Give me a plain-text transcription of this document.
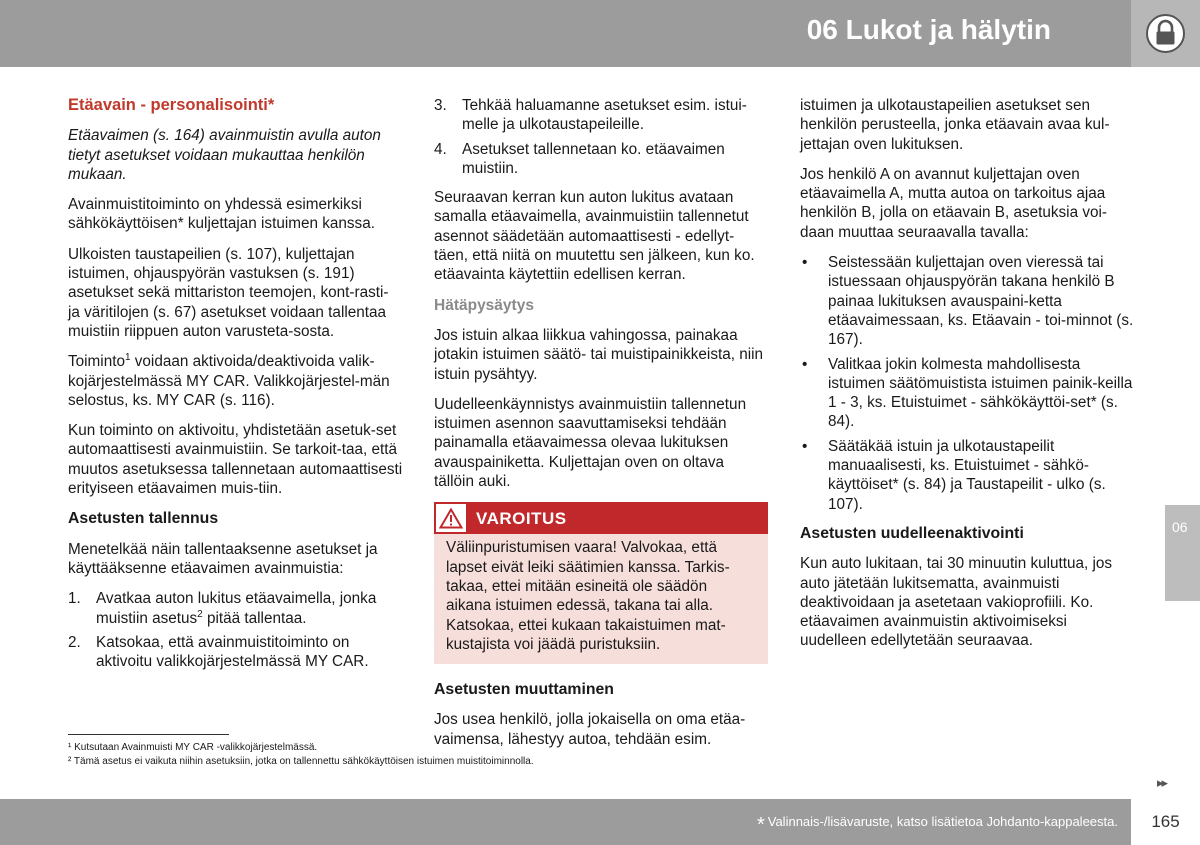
06 Lukot ja hälytin

Etäavain - personalisointi*

Etäavaimen (s. 164) avainmuistin avulla auton tietyt asetukset voidaan mukauttaa henkilön mukaan.

Avainmuistitoiminto on yhdessä esimerkiksi sähkökäyttöisen* kuljettajan istuimen kanssa.

Ulkoisten taustapeilien (s. 107), kuljettajan istuimen, ohjauspyörän vastuksen (s. 191) asetukset sekä mittariston teemojen, kont-rasti- ja väritilojen (s. 67) asetukset voidaan tallentaa muistiin riippuen auton varusteta-sosta.

Toiminto$^1$ voidaan aktivoida/deaktivoida valik-kojärjestelmässä MY CAR. Valikkojärjestel-män selostus, ks. MY CAR (s. 116).

Kun toiminto on aktivoitu, yhdistetään asetuk-set automaattisesti avainmuistiin. Se tarkoit-taa, että muutos asetuksessa tallennetaan automaattisesti erityiseen etäavaimen muis-tiin.

Asetusten tallennus

Menetelkää näin tallentaaksenne asetukset ja käyttääksenne etäavaimen avainmuistia:

1. Avatkaa auton lukitus etäavaimella, jonka muistiin asetus$^2$ pitää tallentaa.
2. Katsokaa, että avainmuistitoiminto on aktivoitu valikkojärjestelmässä MY CAR.
3. Tehkää haluamanne asetukset esim. istui-melle ja ulkotaustapeileille.
4. Asetukset tallennetaan ko. etäavaimen muistiin.

Seuraavan kerran kun auton lukitus avataan samalla etäavaimella, avainmuistiin tallennetut asennot säädetään automaattisesti - edellyt-täen, että niitä on muutettu sen jälkeen, kun ko. etäavainta käytettiin edellisen kerran.

Hätäpysäytys

Jos istuin alkaa liikkua vahingossa, painakaa jotakin istuimen säätö- tai muistipainikkeista, niin istuin pysähtyy.

Uudelleenkäynnistys avainmuistiin tallennetun istuimen asennon saavuttamiseksi tehdään painamalla etäavaimessa olevaa lukituksen avauspainiketta. Kuljettajan oven on oltava tällöin auki.

VAROITUS
Väliinpuristumisen vaara! Valvokaa, että lapset eivät leiki säätimien kanssa. Tarkis-takaa, ettei mitään esineitä ole säädön aikana istuimen edessä, takana tai alla. Katsokaa, ettei kukaan takaistuimen mat-kustajista voi jäädä puristuksiin.

Asetusten muuttaminen

Jos usea henkilö, jolla jokaisella on oma etäa-vaimensa, lähestyy autoa, tehdään esim.

istuimen ja ulkotaustapeilien asetukset sen henkilön perusteella, jonka etäavain avaa kul-jettajan oven lukituksen.

Jos henkilö A on avannut kuljettajan oven etäavaimella A, mutta autoa on tarkoitus ajaa henkilön B, jolla on etäavain B, asetuksia voi-daan muuttaa seuraavalla tavalla:

• Seistessään kuljettajan oven vieressä tai istuessaan ohjauspyörän takana henkilö B painaa lukituksen avauspaini-ketta etäavaimessaan, ks. Etäavain - toi-minnot (s. 167).
• Valitkaa jokin kolmesta mahdollisesta istuimen säätömuistista istuimen painik-keilla 1 - 3, ks. Etuistuimet - sähkökäyttöi-set* (s. 84).
• Säätäkää istuin ja ulkotaustapeilit manuaalisesti, ks. Etuistuimet - sähkö-käyttöiset* (s. 84) ja Taustapeilit - ulko (s. 107).

Asetusten uudelleenaktivointi

Kun auto lukitaan, tai 30 minuutin kuluttua, jos auto jätetään lukitsematta, avainmuisti deaktivoidaan ja asetetaan vakioprofiili. Ko. etäavaimen avainmuistin aktivoimiseksi uudelleen edellytetään seuraavaa.

06
¹ Kutsutaan Avainmuisti MY CAR -valikkojärjestelmässä.
² Tämä asetus ei vaikuta niihin asetuksiin, jotka on tallennettu sähkökäyttöisen istuimen muistitoiminnolla.
▸▸
* Valinnais-/lisävaruste, katso lisätietoa Johdanto-kappaleesta.	165
